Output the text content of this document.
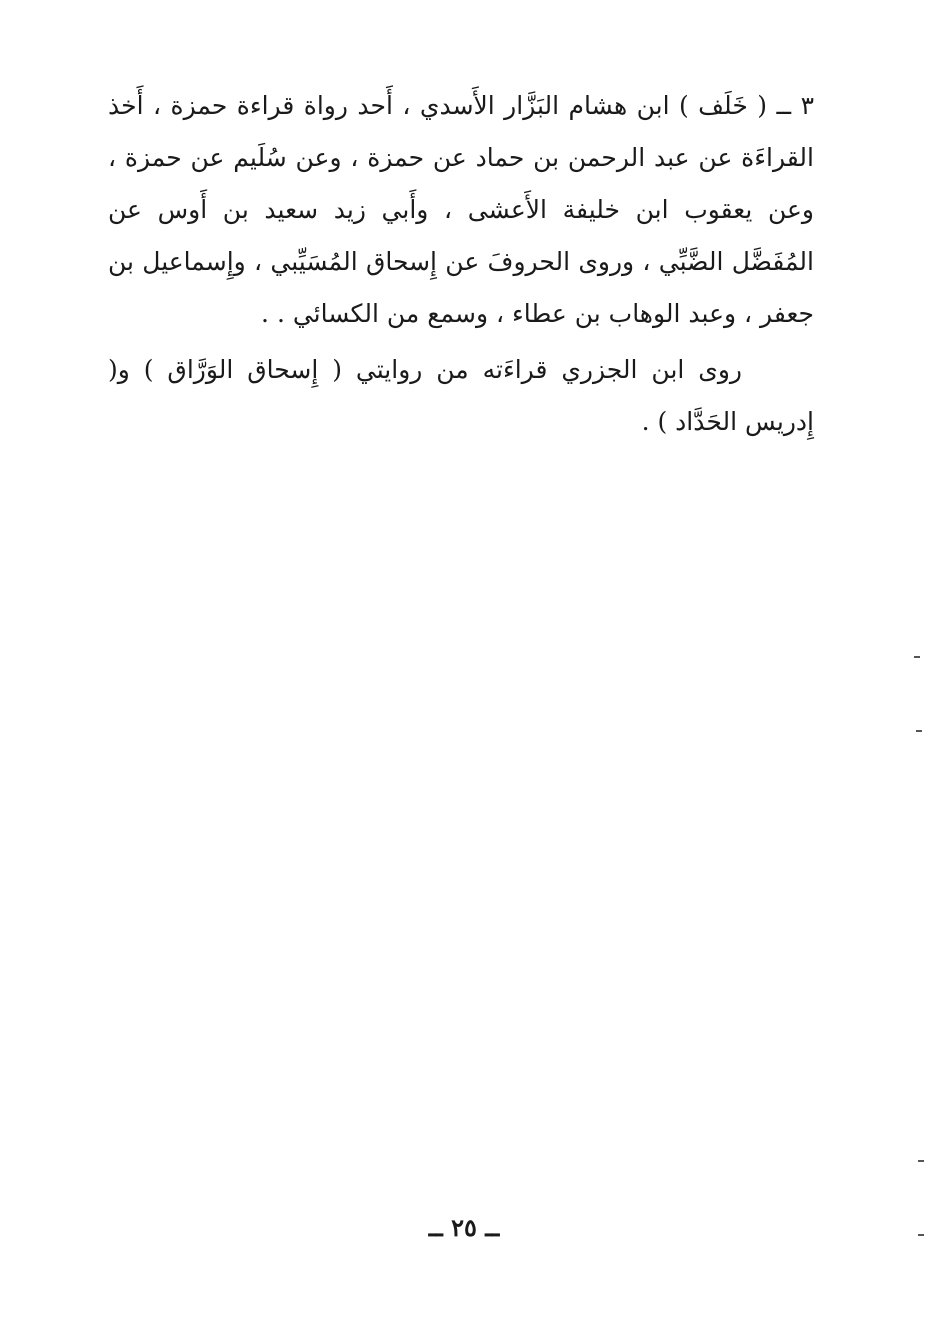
٣ ــ ( خَلَف ) ابن هشام البَزَّار الأَسدي ، أَحد رواة قراءة حمزة ، أَخذ القراءَة عن عبد الرحمن بن حماد عن حمزة ، وعن سُلَيم عن حمزة ، وعن يعقوب ابن خليفة الأَعشى ، وأَبي زيد سعيد بن أَوس عن المُفَضَّل الضَّبِّي ، وروى الحروفَ عن إِسحاق المُسَيِّبي ، وإِسماعيل بن جعفر ، وعبد الوهاب بن عطاء ، وسمع من الكسائي . .

روى ابن الجزري قراءَته من روايتي ( إِسحاق الوَرَّاق ) و( إِدريس الحَدَّاد ) .

ــ ٢٥ ــ
